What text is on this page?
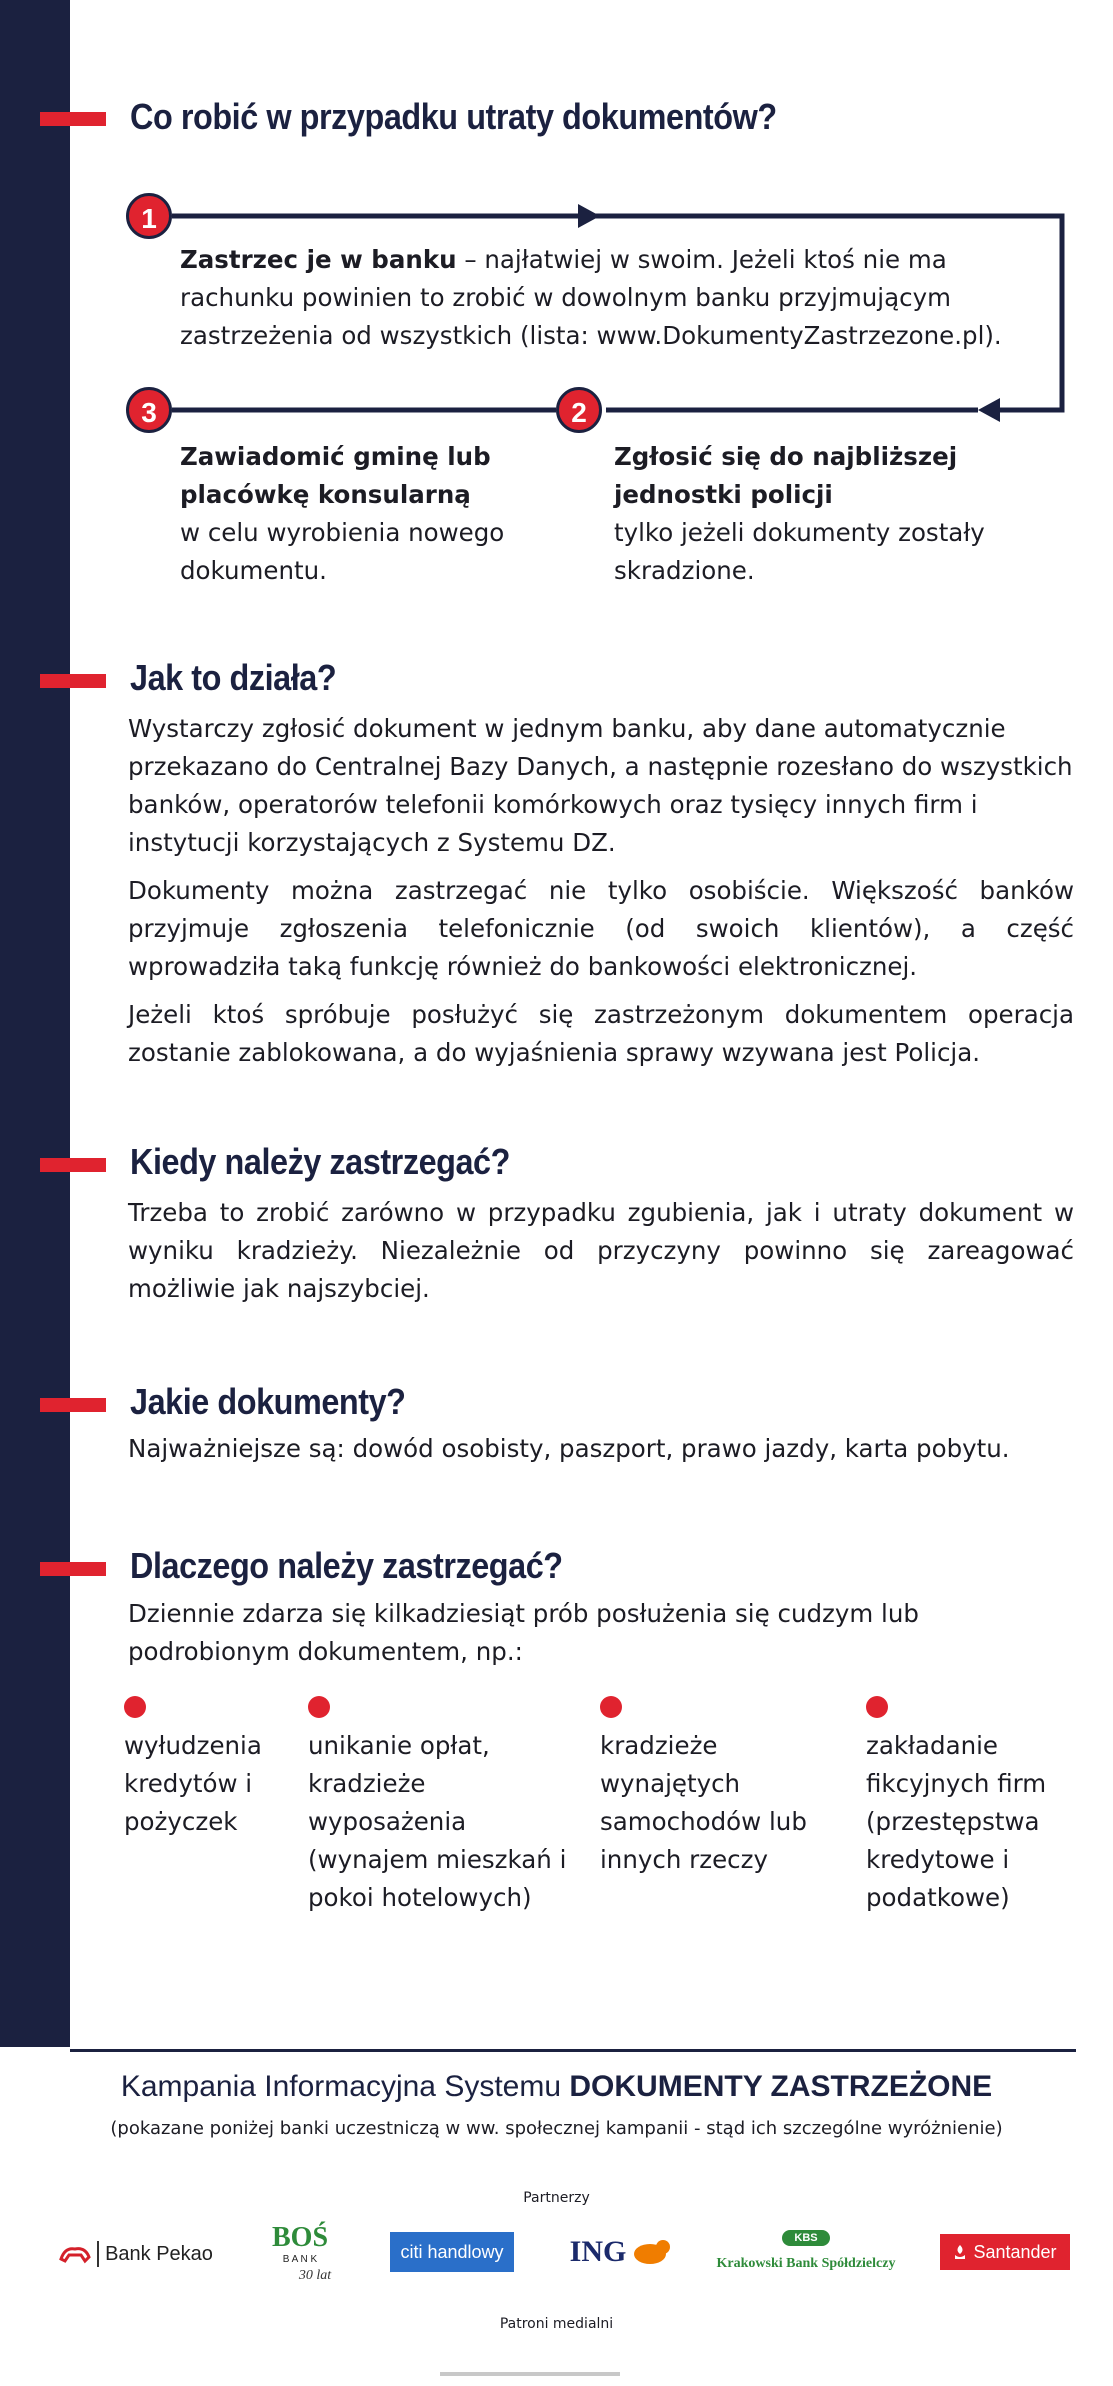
Co robić w przypadku utraty dokumentów?
1
2
3

Zastrzec je w banku – najłatwiej w swoim. Jeżeli ktoś nie ma rachunku powinien to zrobić w dowolnym banku przyjmującym zastrzeżenia od wszystkich (lista: www.DokumentyZastrzezone.pl).

Zawiadomić gminę lub placówkę konsularną
w celu wyrobienia nowego dokumentu.

Zgłosić się do najbliższej jednostki policji
tylko jeżeli dokumenty zostały skradzione.

Jak to działa?

Wystarczy zgłosić dokument w jednym banku, aby dane automatycznie przekazano do Centralnej Bazy Danych, a następnie rozesłano do wszystkich banków, operatorów telefonii komórkowych oraz tysięcy innych firm i instytucji korzystających z Systemu DZ.

Dokumenty można zastrzegać nie tylko osobiście. Większość banków przyjmuje zgłoszenia telefonicznie (od swoich klientów), a część wprowadziła taką funkcję również do bankowości elektronicznej.

Jeżeli ktoś spróbuje posłużyć się zastrzeżonym dokumentem operacja zostanie zablokowana, a do wyjaśnienia sprawy wzywana jest Policja.

Kiedy należy zastrzegać?

Trzeba to zrobić zarówno w przypadku zgubienia, jak i utraty dokument w wyniku kradzieży. Niezależnie od przyczyny powinno się zareagować możliwie jak najszybciej.

Jakie dokumenty?

Najważniejsze są: dowód osobisty, paszport, prawo jazdy, karta pobytu.

Dlaczego należy zastrzegać?

Dziennie zdarza się kilkadziesiąt prób posłużenia się cudzym lub podrobionym dokumentem, np.:

wyłudzenia kredytów i pożyczek

unikanie opłat, kradzieże wyposażenia (wynajem mieszkań i pokoi hotelowych)

kradzieże wynajętych samochodów lub innych rzeczy

zakładanie fikcyjnych firm (przestępstwa kredytowe i podatkowe)

Kampania Informacyjna Systemu DOKUMENTY ZASTRZEŻONE
(pokazane poniżej banki uczestniczą w ww. społecznej kampanii - stąd ich szczególne wyróżnienie)
Partnerzy
Bank Pekao
BOŚ
B A N K
30 lat
citi handlowy	ING	KBS
Krakowski Bank Spółdzielczy
Santander
Patroni medialni
